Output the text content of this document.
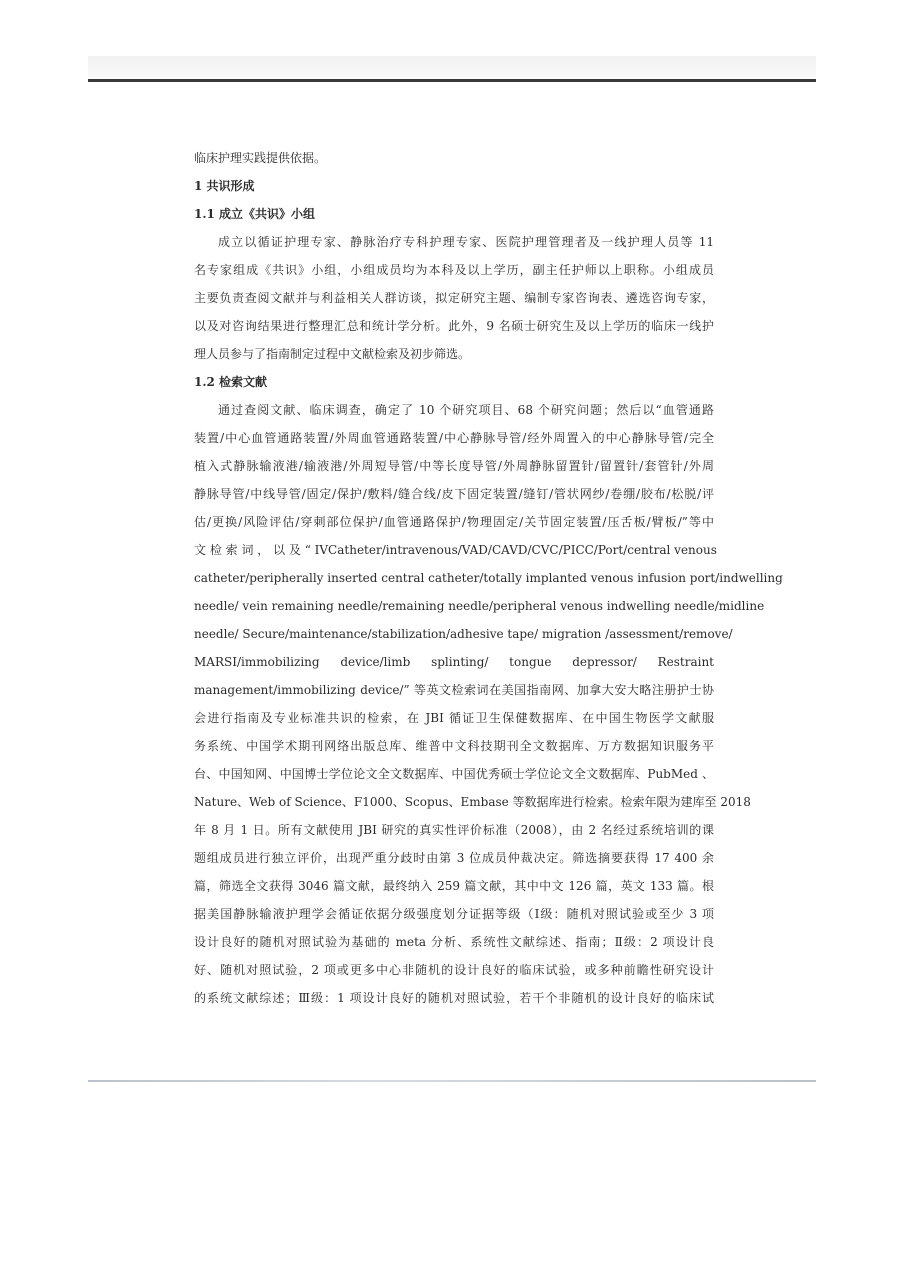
临床护理实践提供依据。
1 共识形成
1.1 成立《共识》小组
成立以循证护理专家、静脉治疗专科护理专家、医院护理管理者及一线护理人员等 11
名专家组成《共识》小组，小组成员均为本科及以上学历，副主任护师以上职称。小组成员
主要负责查阅文献并与利益相关人群访谈，拟定研究主题、编制专家咨询表、遴选咨询专家，
以及对咨询结果进行整理汇总和统计学分析。此外，9 名硕士研究生及以上学历的临床一线护
理人员参与了指南制定过程中文献检索及初步筛选。
1.2 检索文献
通过查阅文献、临床调查，确定了 10 个研究项目、68 个研究问题；然后以“血管通路
装置/中心血管通路装置/外周血管通路装置/中心静脉导管/经外周置入的中心静脉导管/完全
植入式静脉输液港/输液港/外周短导管/中等长度导管/外周静脉留置针/留置针/套管针/外周
静脉导管/中线导管/固定/保护/敷料/缝合线/皮下固定装置/缝钉/管状网纱/卷绷/胶布/松脱/评
估/更换/风险评估/穿刺部位保护/血管通路保护/物理固定/关节固定装置/压舌板/臂板/”等中
文 检 索 词 ， 以 及 “ IVCatheter/intravenous/VAD/CAVD/CVC/PICC/Port/central venous
catheter/peripherally inserted central catheter/totally implanted venous infusion port/indwelling
needle/ vein remaining needle/remaining needle/peripheral venous indwelling needle/midline
needle/ Secure/maintenance/stabilization/adhesive tape/ migration /assessment/remove/
MARSI/immobilizing device/limb splinting/ tongue depressor/ Restraint
management/immobilizing device/” 等英文检索词在美国指南网、加拿大安大略注册护士协
会进行指南及专业标准共识的检索，在 JBI 循证卫生保健数据库、在中国生物医学文献服
务系统、中国学术期刊网络出版总库、维普中文科技期刊全文数据库、万方数据知识服务平
台、中国知网、中国博士学位论文全文数据库、中国优秀硕士学位论文全文数据库、PubMed 、
Nature、Web of Science、F1000、Scopus、Embase 等数据库进行检索。检索年限为建库至 2018
年 8 月 1 日。所有文献使用 JBI 研究的真实性评价标准（2008），由 2 名经过系统培训的课
题组成员进行独立评价，出现严重分歧时由第 3 位成员仲裁决定。筛选摘要获得 17 400 余
篇，筛选全文获得 3046 篇文献，最终纳入 259 篇文献，其中中文 126 篇，英文 133 篇。根
据美国静脉输液护理学会循证依据分级强度划分证据等级（Ⅰ级：随机对照试验或至少 3 项
设计良好的随机对照试验为基础的 meta 分析、系统性文献综述、指南；Ⅱ级：2 项设计良
好、随机对照试验，2 项或更多中心非随机的设计良好的临床试验，或多种前瞻性研究设计
的系统文献综述；Ⅲ级：1 项设计良好的随机对照试验，若干个非随机的设计良好的临床试
